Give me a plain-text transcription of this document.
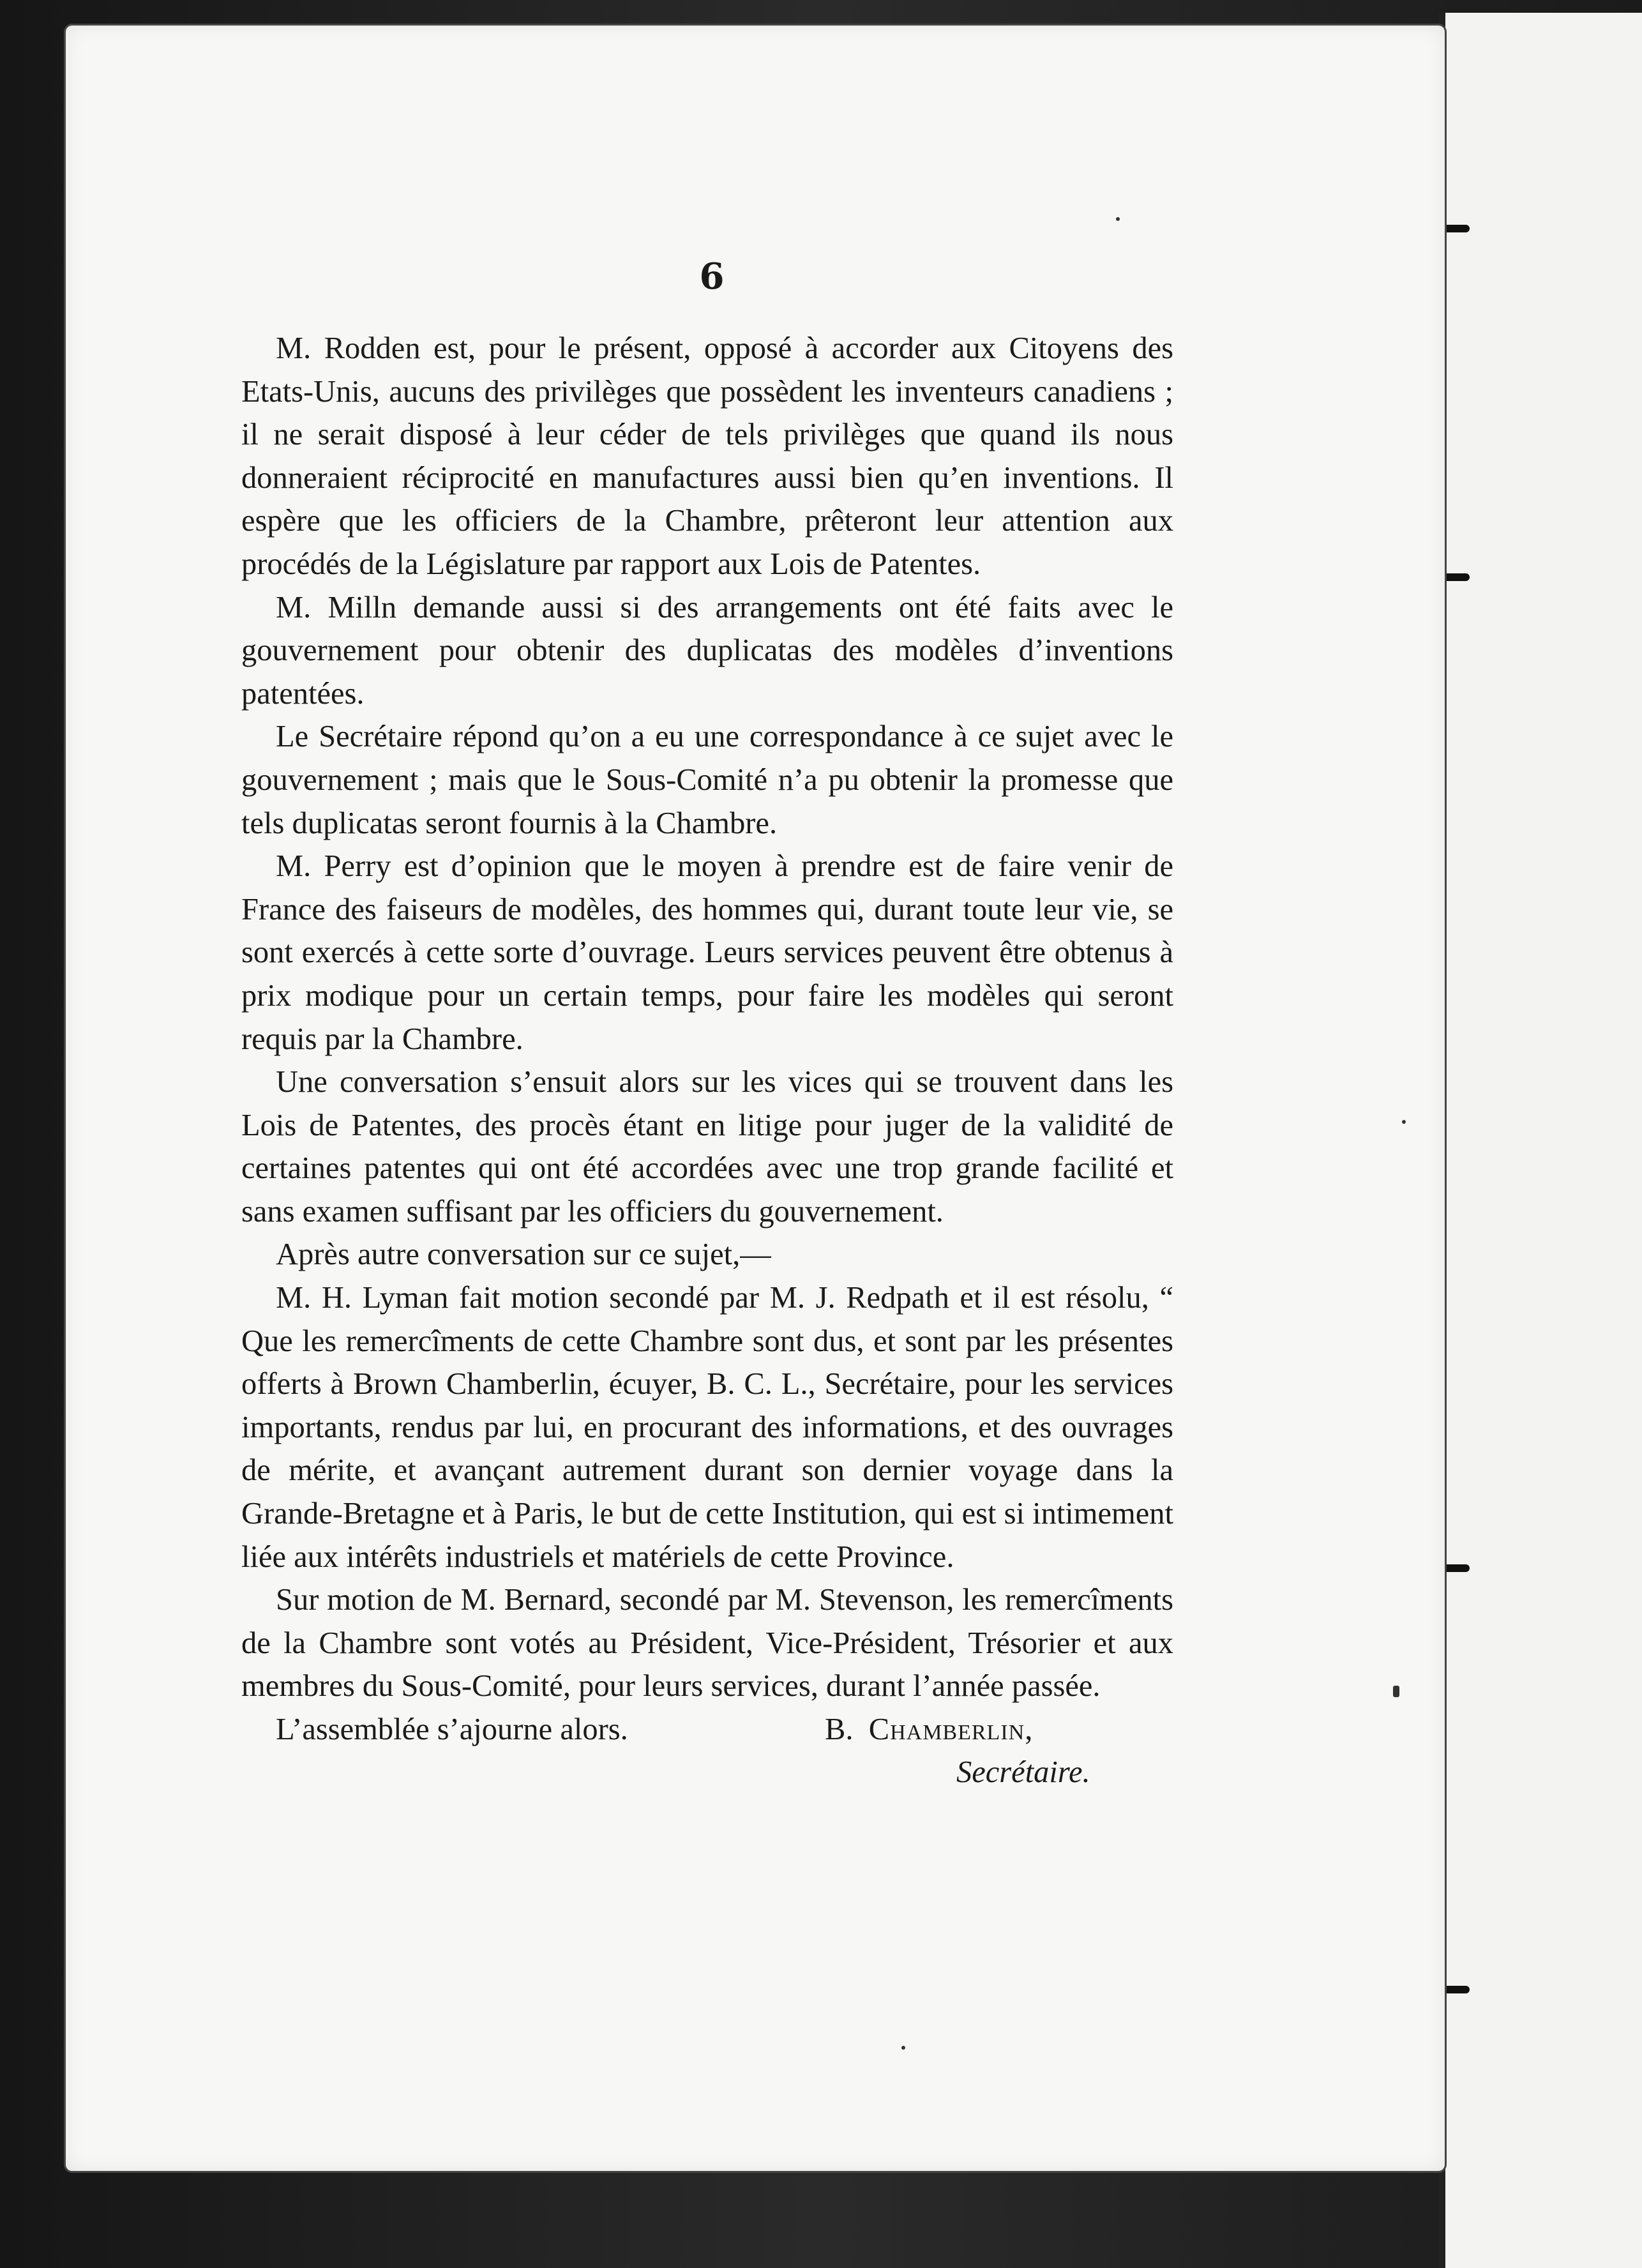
6

M. Rodden est, pour le présent, opposé à accorder aux Citoyens des Etats-Unis, aucuns des privilèges que possèdent les inventeurs canadiens ; il ne serait disposé à leur céder de tels privilèges que quand ils nous donneraient réciprocité en manufactures aussi bien qu’en inventions. Il espère que les officiers de la Chambre, prêteront leur attention aux procédés de la Législature par rapport aux Lois de Patentes.

M. Milln demande aussi si des arrangements ont été faits avec le gouvernement pour obtenir des duplicatas des modèles d’inventions patentées.

Le Secrétaire répond qu’on a eu une correspondance à ce sujet avec le gouvernement ; mais que le Sous-Comité n’a pu obtenir la promesse que tels duplicatas seront fournis à la Chambre.

M. Perry est d’opinion que le moyen à prendre est de faire venir de France des faiseurs de modèles, des hommes qui, durant toute leur vie, se sont exercés à cette sorte d’ouvrage. Leurs services peuvent être obtenus à prix modique pour un certain temps, pour faire les modèles qui seront requis par la Chambre.

Une conversation s’ensuit alors sur les vices qui se trouvent dans les Lois de Patentes, des procès étant en litige pour juger de la validité de certaines patentes qui ont été accordées avec une trop grande facilité et sans examen suffisant par les officiers du gouvernement.

Après autre conversation sur ce sujet,—

M. H. Lyman fait motion secondé par M. J. Redpath et il est résolu, “ Que les remercîments de cette Chambre sont dus, et sont par les présentes offerts à Brown Chamberlin, écuyer, B. C. L., Secrétaire, pour les services importants, rendus par lui, en procurant des informations, et des ouvrages de mérite, et avançant autrement durant son dernier voyage dans la Grande-Bretagne et à Paris, le but de cette Institution, qui est si intimement liée aux intérêts industriels et matériels de cette Province.

Sur motion de M. Bernard, secondé par M. Stevenson, les remercîments de la Chambre sont votés au Président, Vice-Président, Trésorier et aux membres du Sous-Comité, pour leurs services, durant l’année passée.

L’assemblée s’ajourne alors.	B. Chamberlin,
Secrétaire.
